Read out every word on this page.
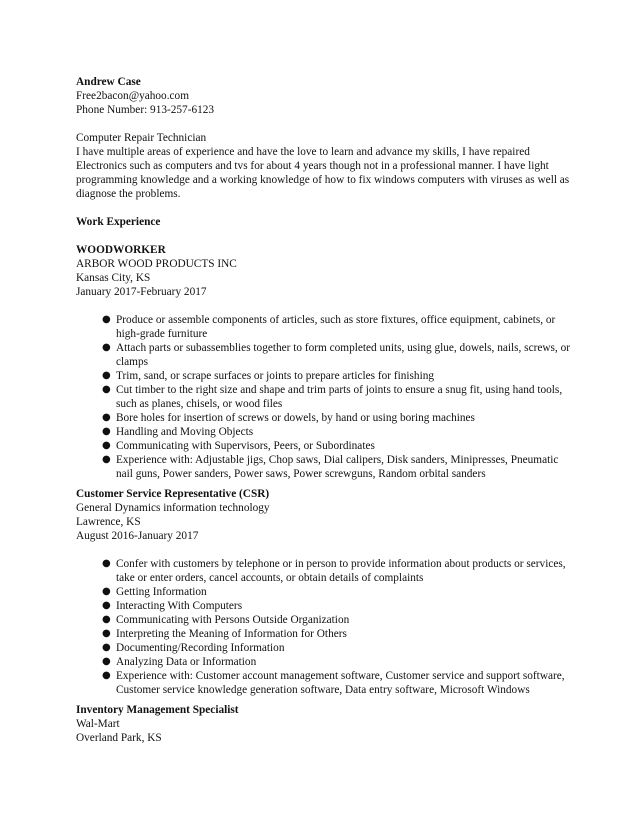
Andrew Case

Free2bacon@yahoo.com

Phone Number: 913-257-6123

Computer Repair Technician

I have multiple areas of experience and have the love to learn and advance my skills, I have repaired Electronics such as computers and tvs for about 4 years though not in a professional manner. I have light programming knowledge and a working knowledge of how to fix windows computers with viruses as well as diagnose the problems.

Work Experience

WOODWORKER

ARBOR WOOD PRODUCTS INC

Kansas City, KS

January 2017-February 2017

● Produce or assemble components of articles, such as store fixtures, office equipment, cabinets, or high-grade furniture
● Attach parts or subassemblies together to form completed units, using glue, dowels, nails, screws, or clamps
● Trim, sand, or scrape surfaces or joints to prepare articles for finishing
● Cut timber to the right size and shape and trim parts of joints to ensure a snug fit, using hand tools, such as planes, chisels, or wood files
● Bore holes for insertion of screws or dowels, by hand or using boring machines
● Handling and Moving Objects
● Communicating with Supervisors, Peers, or Subordinates
● Experience with: Adjustable jigs, Chop saws, Dial calipers, Disk sanders, Minipresses, Pneumatic nail guns, Power sanders, Power saws, Power screwguns, Random orbital sanders

Customer Service Representative (CSR)

General Dynamics information technology

Lawrence, KS

August 2016-January 2017

● Confer with customers by telephone or in person to provide information about products or services, take or enter orders, cancel accounts, or obtain details of complaints
● Getting Information
● Interacting With Computers
● Communicating with Persons Outside Organization
● Interpreting the Meaning of Information for Others
● Documenting/Recording Information
● Analyzing Data or Information
● Experience with: Customer account management software, Customer service and support software, Customer service knowledge generation software, Data entry software, Microsoft Windows

Inventory Management Specialist

Wal-Mart

Overland Park, KS
